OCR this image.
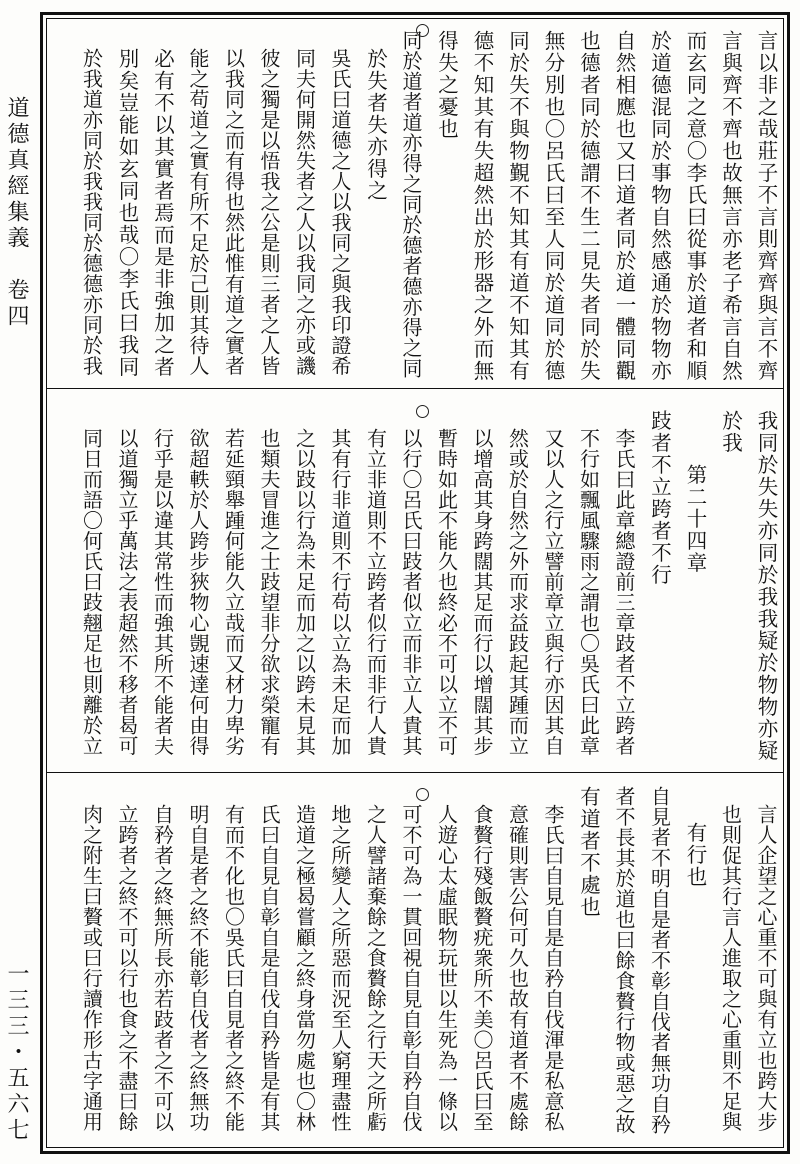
道德真經集義　卷四
一三三・五六七
言以非之哉莊子不言則齊齊與言不齊
言與齊不齊也故無言亦老子希言自然
而玄同之意〇李氏曰從事於道者和順
於道德混同於事物自然感通於物物亦
自然相應也又曰道者同於道一體同觀
也德者同於德謂不生二見失者同於失
無分別也〇呂氏曰至人同於道同於德
同於失不與物覲不知其有道不知其有
德不知其有失超然出於形器之外而無
得失之憂也
同於道者道亦得之同於德者德亦得之同
於失者失亦得之
吳氏曰道德之人以我同之與我印證希
同夫何開然失者之人以我同之亦或譏
彼之獨是以悟我之公是則三者之人皆
以我同之而有得也然此惟有道之實者
能之苟道之實有所不足於己則其待人
必有不以其實者焉而是非強加之者
別矣豈能如玄同也哉〇李氏曰我同
於我道亦同於我我同於德德亦同於我
我同於失失亦同於我我疑於物物亦疑
於我
第二十四章
跂者不立跨者不行
李氏曰此章總證前三章跂者不立跨者
不行如飄風驟雨之謂也〇吳氏曰此章
又以人之行立譬前章立與行亦因其自
然或於自然之外而求益跂起其踵而立
以增高其身跨闊其足而行以增闊其步
暫時如此不能久也終必不可以立不可
以行〇呂氏曰跂者似立而非立人貴其
有立非道則不立跨者似行而非行人貴
其有行非道則不行苟以立為未足而加
之以跂以行為未足而加之以跨未見其
也類夫冒進之士跂望非分欲求榮寵有
若延頸舉踵何能久立哉而又材力卑劣
欲超軼於人跨步狹物心覬速達何由得
行乎是以違其常性而強其所不能者夫
以道獨立乎萬法之表超然不移者曷可
同日而語〇何氏曰跂翹足也則離於立
言人企望之心重不可與有立也跨大步
也則促其行言人進取之心重則不足與
有行也
自見者不明自是者不彰自伐者無功自矜
者不長其於道也曰餘食贅行物或惡之故
有道者不處也
李氏曰自見自是自矜自伐渾是私意私
意確則害公何可久也故有道者不處餘
食贅行殘飯贅疣衆所不美〇呂氏曰至
人遊心太虛眠物玩世以生死為一條以
可不可為一貫回視自見自彰自矜自伐
之人譬諸棄餘之食贅餘之行天之所虧
地之所變人之所惡而況至人窮理盡性
造道之極曷嘗顧之終身當勿處也〇林
氏曰自見自彰自是自伐自矜皆是有其
有而不化也〇吳氏曰自見者之終不能
明自是者之終不能彰自伐者之終無功
自矜者之終無所長亦若跂者之不可以
立跨者之終不可以行也食之不盡曰餘
肉之附生曰贅或曰行讀作形古字通用
